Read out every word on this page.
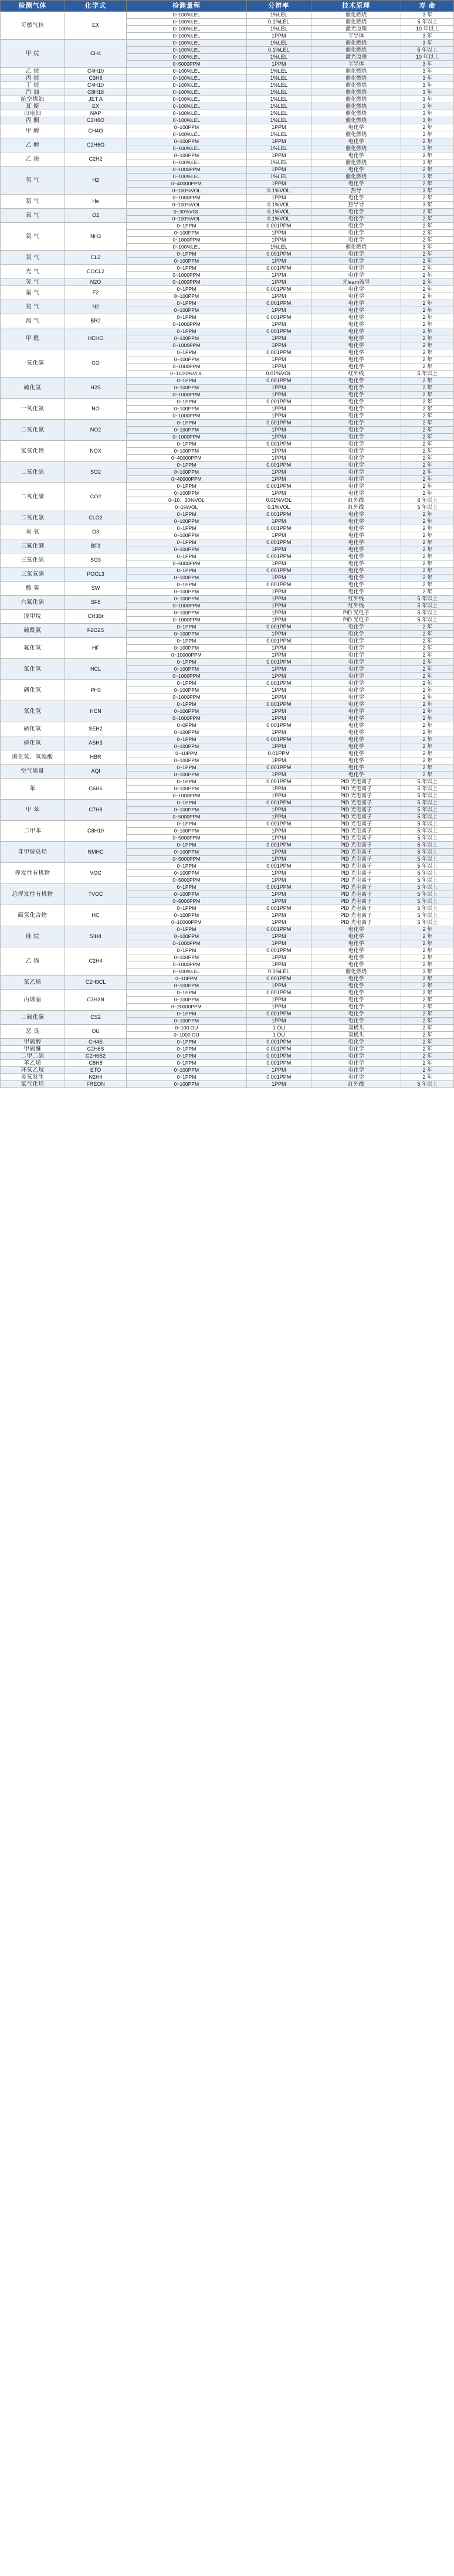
检测气体	化学式	检测量程	分辨率	技术原理	寿 命
可燃气体	EX	0~100%LEL	1%LEL	催化燃烧	3 年
		0~100%LEL	0.1%LEL	催化燃烧	5 年以上
		0~100%LEL	1%LEL	激光原理	10 年以上
		0~100%LEL	1PPM	半导体	3 年
甲 烷	CH4	0~100%LEL	1%LEL	催化燃烧	3 年
		0~100%LEL	0.1%LEL	催化燃烧	5 年以上
		0~100%LEL	1%LEL	激光原理	10 年以上
		0~5000PPM	1PPM	半导体	3 年
乙 烷	C4H10	0~100%LEL	1%LEL	催化燃烧	3 年
丙 烷	C3H8	0~100%LEL	1%LEL	催化燃烧	3 年
丁 烷	C4H10	0~100%LEL	1%LEL	催化燃烧	3 年
汽 油	C8H18	0~100%LEL	1%LEL	催化燃烧	3 年
航空煤油	JET A	0~100%LEL	1%LEL	催化燃烧	3 年
瓦 斯	EX	0~100%LEL	1%LEL	催化燃烧	3 年
白电油	NAP	0~100%LEL	1%LEL	催化燃烧	3 年
丙 酮	C3H6O	0~100%LEL	1%LEL	催化燃烧	3 年
甲 醇	CH4O	0~100PPM	1PPM	电化学	2 年
		0~100%LEL	1%LEL	催化燃烧	3 年
乙 醇	C2H6O	0~100PPM	1PPM	电化学	2 年
		0~100%LEL	1%LEL	催化燃烧	3 年
乙 炔	C2H2	0~100PPM	1PPM	电化学	2 年
		0~100%LEL	1%LEL	催化燃烧	3 年
氢 气	H2	0~1000PPM	1PPM	电化学	2 年
		0~100%LEL	1%LEL	催化燃烧	3 年
		0~40000PPM	1PPM	电化学	2 年
		0~100%VOL	0.1%VOL	热导	3 年
氦 气	He	0~1000PPM	1PPM	电化学	2 年
		0~100%VOL	0.1%VOL	热导导	3 年
氧 气	O2	0~30%VOL	0.1%VOL	电化学	2 年
		0~100%VOL	0.1%VOL	电化学	2 年
氨 气	NH3	0~1PPM	0.001PPM	电化学	2 年
		0~100PPM	1PPM	电化学	2 年
		0~1000PPM	1PPM	电化学	2 年
		0~100%LEL	1%LEL	催化燃烧	3 年
氯 气	CL2	0~1PPM	0.001PPM	电化学	2 年
		0~100PPM	1PPM	电化学	2 年
光 气	COCL2	0~1PPM	0.001PPM	电化学	2 年
		0~1000PPM	1PPM	电化学	2 年
笑 气	N2O	0~1000PPM	1PPM	光learn波导	2 年
氟 气	F2	0~1PPM	0.001PPM	电化学	2 年
		0~100PPM	1PPM	电化学	2 年
氮 气	N2	0~1PPM	0.001PPM	电化学	2 年
		0~100PPM	1PPM	电化学	2 年
溴 气	BR2	0~1PPM	0.001PPM	电化学	2 年
		0~1000PPM	1PPM	电化学	2 年
甲 醛	HCHO	0~1PPM	0.001PPM	电化学	2 年
		0~100PPM	1PPM	电化学	2 年
		0~1000PPM	1PPM	电化学	2 年
一氧化碳	CO	0~1PPM	0.001PPM	电化学	2 年
		0~100PPM	1PPM	电化学	2 年
		0~1000PPM	1PPM	电化学	2 年
		0~10/20%VOL	0.01%VOL	红外线	5 年以上
硫化氢	H2S	0~1PPM	0.001PPM	电化学	2 年
		0~100PPM	1PPM	电化学	2 年
		0~1000PPM	1PPM	电化学	2 年
一氧化氮	NO	0~1PPM	0.001PPM	电化学	2 年
		0~100PPM	1PPM	电化学	2 年
		0~1000PPM	1PPM	电化学	2 年
二氧化氮	NO2	0~1PPM	0.001PPM	电化学	2 年
		0~100PPM	1PPM	电化学	2 年
		0~1000PPM	1PPM	电化学	2 年
氮氧化物	NOX	0~1PPM	0.001PPM	电化学	2 年
		0~100PPM	1PPM	电化学	2 年
		0~40000PPM	1PPM	电化学	2 年
二氧化硫	SO2	0~1PPM	0.001PPM	电化学	2 年
		0~100PPM	1PPM	电化学	2 年
		0~40000PPM	1PPM	电化学	2 年
二氧化碳	CO2	0~1PPM	0.001PPM	电化学	2 年
		0~100PPM	1PPM	电化学	2 年
		0~10、20%VOL	0.01%VOL	红外线	6 年以上
		0~1%VOL	0.1%VOL	红外线	5 年以上
二氧化氯	CLO2	0~1PPM	0.001PPM	电化学	2 年
		0~100PPM	1PPM	电化学	2 年
臭 氧	O3	0~1PPM	0.001PPM	电化学	2 年
		0~100PPM	1PPM	电化学	2 年
三氟化硼	BF3	0~1PPM	0.001PPM	电化学	2 年
		0~100PPM	1PPM	电化学	2 年
三氧化硫	SO3	0~1PPM	0.001PPM	电化学	2 年
		0~5000PPM	1PPM	电化学	2 年
三氯氧磷	POCL3	0~1PPM	0.001PPM	电化学	2 年
		0~100PPM	1PPM	电化学	2 年
酸 雾	SW	0~1PPM	0.001PPM	电化学	2 年
		0~100PPM	1PPM	电化学	2 年
六氟化硫	SF6	0~100PPM	1PPM	红外线	5 年以上
		0~1000PPM	1PPM	红外线	5 年以上
溴甲烷	CH3Br	0~100PPM	1PPM	PID 光电子	5 年以上
		0~1000PPM	1PPM	PID 光电子	5 年以上
硫酰氟	F2O2S	0~1PPM	0.001PPM	电化学	2 年
		0~100PPM	1PPM	电化学	2 年
氟化氢	HF	0~1PPM	0.001PPM	电化学	2 年
		0~100PPM	1PPM	电化学	2 年
		0~10000PPM	1PPM	电化学	2 年
氯化氢	HCL	0~1PPM	0.001PPM	电化学	2 年
		0~100PPM	1PPM	电化学	2 年
		0~1000PPM	1PPM	电化学	2 年
磷化氢	PH3	0~1PPM	0.001PPM	电化学	2 年
		0~100PPM	1PPM	电化学	2 年
		0~1000PPM	1PPM	电化学	2 年
氰化氢	HCN	0~1PPM	0.001PPM	电化学	2 年
		0~100PPM	1PPM	电化学	2 年
		0~1000PPM	1PPM	电化学	2 年
硒化氢	SEH2	0~0PPM	0.001PPM	电化学	2 年
		0~100PPM	1PPM	电化学	2 年
砷化氢	ASH3	0~1PPM	0.001PPM	电化学	2 年
		0~100PPM	1PPM	电化学	2 年
溴化氢、氢溴酸	HBR	0~10PPM	0.01PPM	电化学	2 年
		0~100PPM	1PPM	电化学	2 年
空气质量	AQI	0~1PPM	0.001PPM	电化学	2 年
		0~100PPM	1PPM	电化学	2 年
苯	C6H6	0~1PPM	0.001PPM	PID 光电离子	5 年以上
		0~100PPM	1PPM	PID 光电离子	5 年以上
		0~1000PPM	1PPM	PID 光电离子	5 年以上
甲 苯	C7H8	0~1PPM	0.001PPM	PID 光电离子	5 年以上
		0~100PPM	1PPM	PID 光电离子	5 年以上
		0~5000PPM	1PPM	PID 光电离子	5 年以上
二甲苯	C8H10	0~1PPM	0.001PPM	PID 光电离子	5 年以上
		0~100PPM	1PPM	PID 光电离子	5 年以上
		0~5000PPM	1PPM	PID 光电离子	5 年以上
非甲烷总烃	NMHC	0~1PPM	0.001PPM	PID 光电离子	5 年以上
		0~100PPM	1PPM	PID 光电离子	5 年以上
		0~5000PPM	1PPM	PID 光电离子	5 年以上
挥发性有机物	VOC	0~1PPM	0.001PPM	PID 光电离子	5 年以上
		0~100PPM	1PPM	PID 光电离子	5 年以上
		0~5000PPM	1PPM	PID 光电离子	5 年以上
总挥发性有机物	TVOC	0~1PPM	0.001PPM	PID 光电离子	5 年以上
		0~100PPM	1PPM	PID 光电离子	5 年以上
		0~5000PPM	1PPM	PID 光电离子	5 年以上
碳氢化合物	HC	0~1PPM	0.001PPM	PID 光电离子	5 年以上
		0~100PPM	1PPM	PID 光电离子	5 年以上
		0~10000PPM	1PPM	PID 光电离子	5 年以上
硅 烷	SIH4	0~1PPM	0.001PPM	电化学	2 年
		0~100PPM	1PPM	电化学	2 年
		0~1000PPM	1PPM	电化学	2 年
乙 烯	C2H4	0~1PPM	0.001PPM	电化学	2 年
		0~100PPM	1PPM	电化学	2 年
		0~1000PPM	1PPM	电化学	2 年
		0~100%LEL	0.1%LEL	催化燃烧	3 年
氯乙烯	C2H3CL	0~10PPM	0.001PPM	电化学	2 年
		0~100PPM	1PPM	电化学	2 年
丙烯腈	C3H3N	0~1PPM	0.001PPM	电化学	2 年
		0~100PPM	1PPM	电化学	2 年
		0~20000PPM	1PPM	电化学	2 年
二硫化碳	CS2	0~1PPM	0.001PPM	电化学	2 年
		0~100PPM	1PPM	电化学	2 年
恶 臭	OU	0~100 OU	1 OU	双极头	2 年
		0~1000 OU	1 OU	双极头	2 年
甲硫醇	CH4S	0~1PPM	0.001PPM	电化学	2 年
甲硫醚	C2H6S	0~1PPM	0.001PPM	电化学	2 年
二甲二硫	C2H6S2	0~1PPM	0.001PPM	电化学	2 年
苯乙烯	C8H8	0~1PPM	0.001PPM	电化学	2 年
环氧乙烷	ETO	0~100PPM	1PPM	电化学	2 年
臭氧发生	N2H4	0~1PPM	0.001PPM	电化学	2 年
氯气化烃	FREON	0~100PPM	1PPM	红外线	5 年以上
